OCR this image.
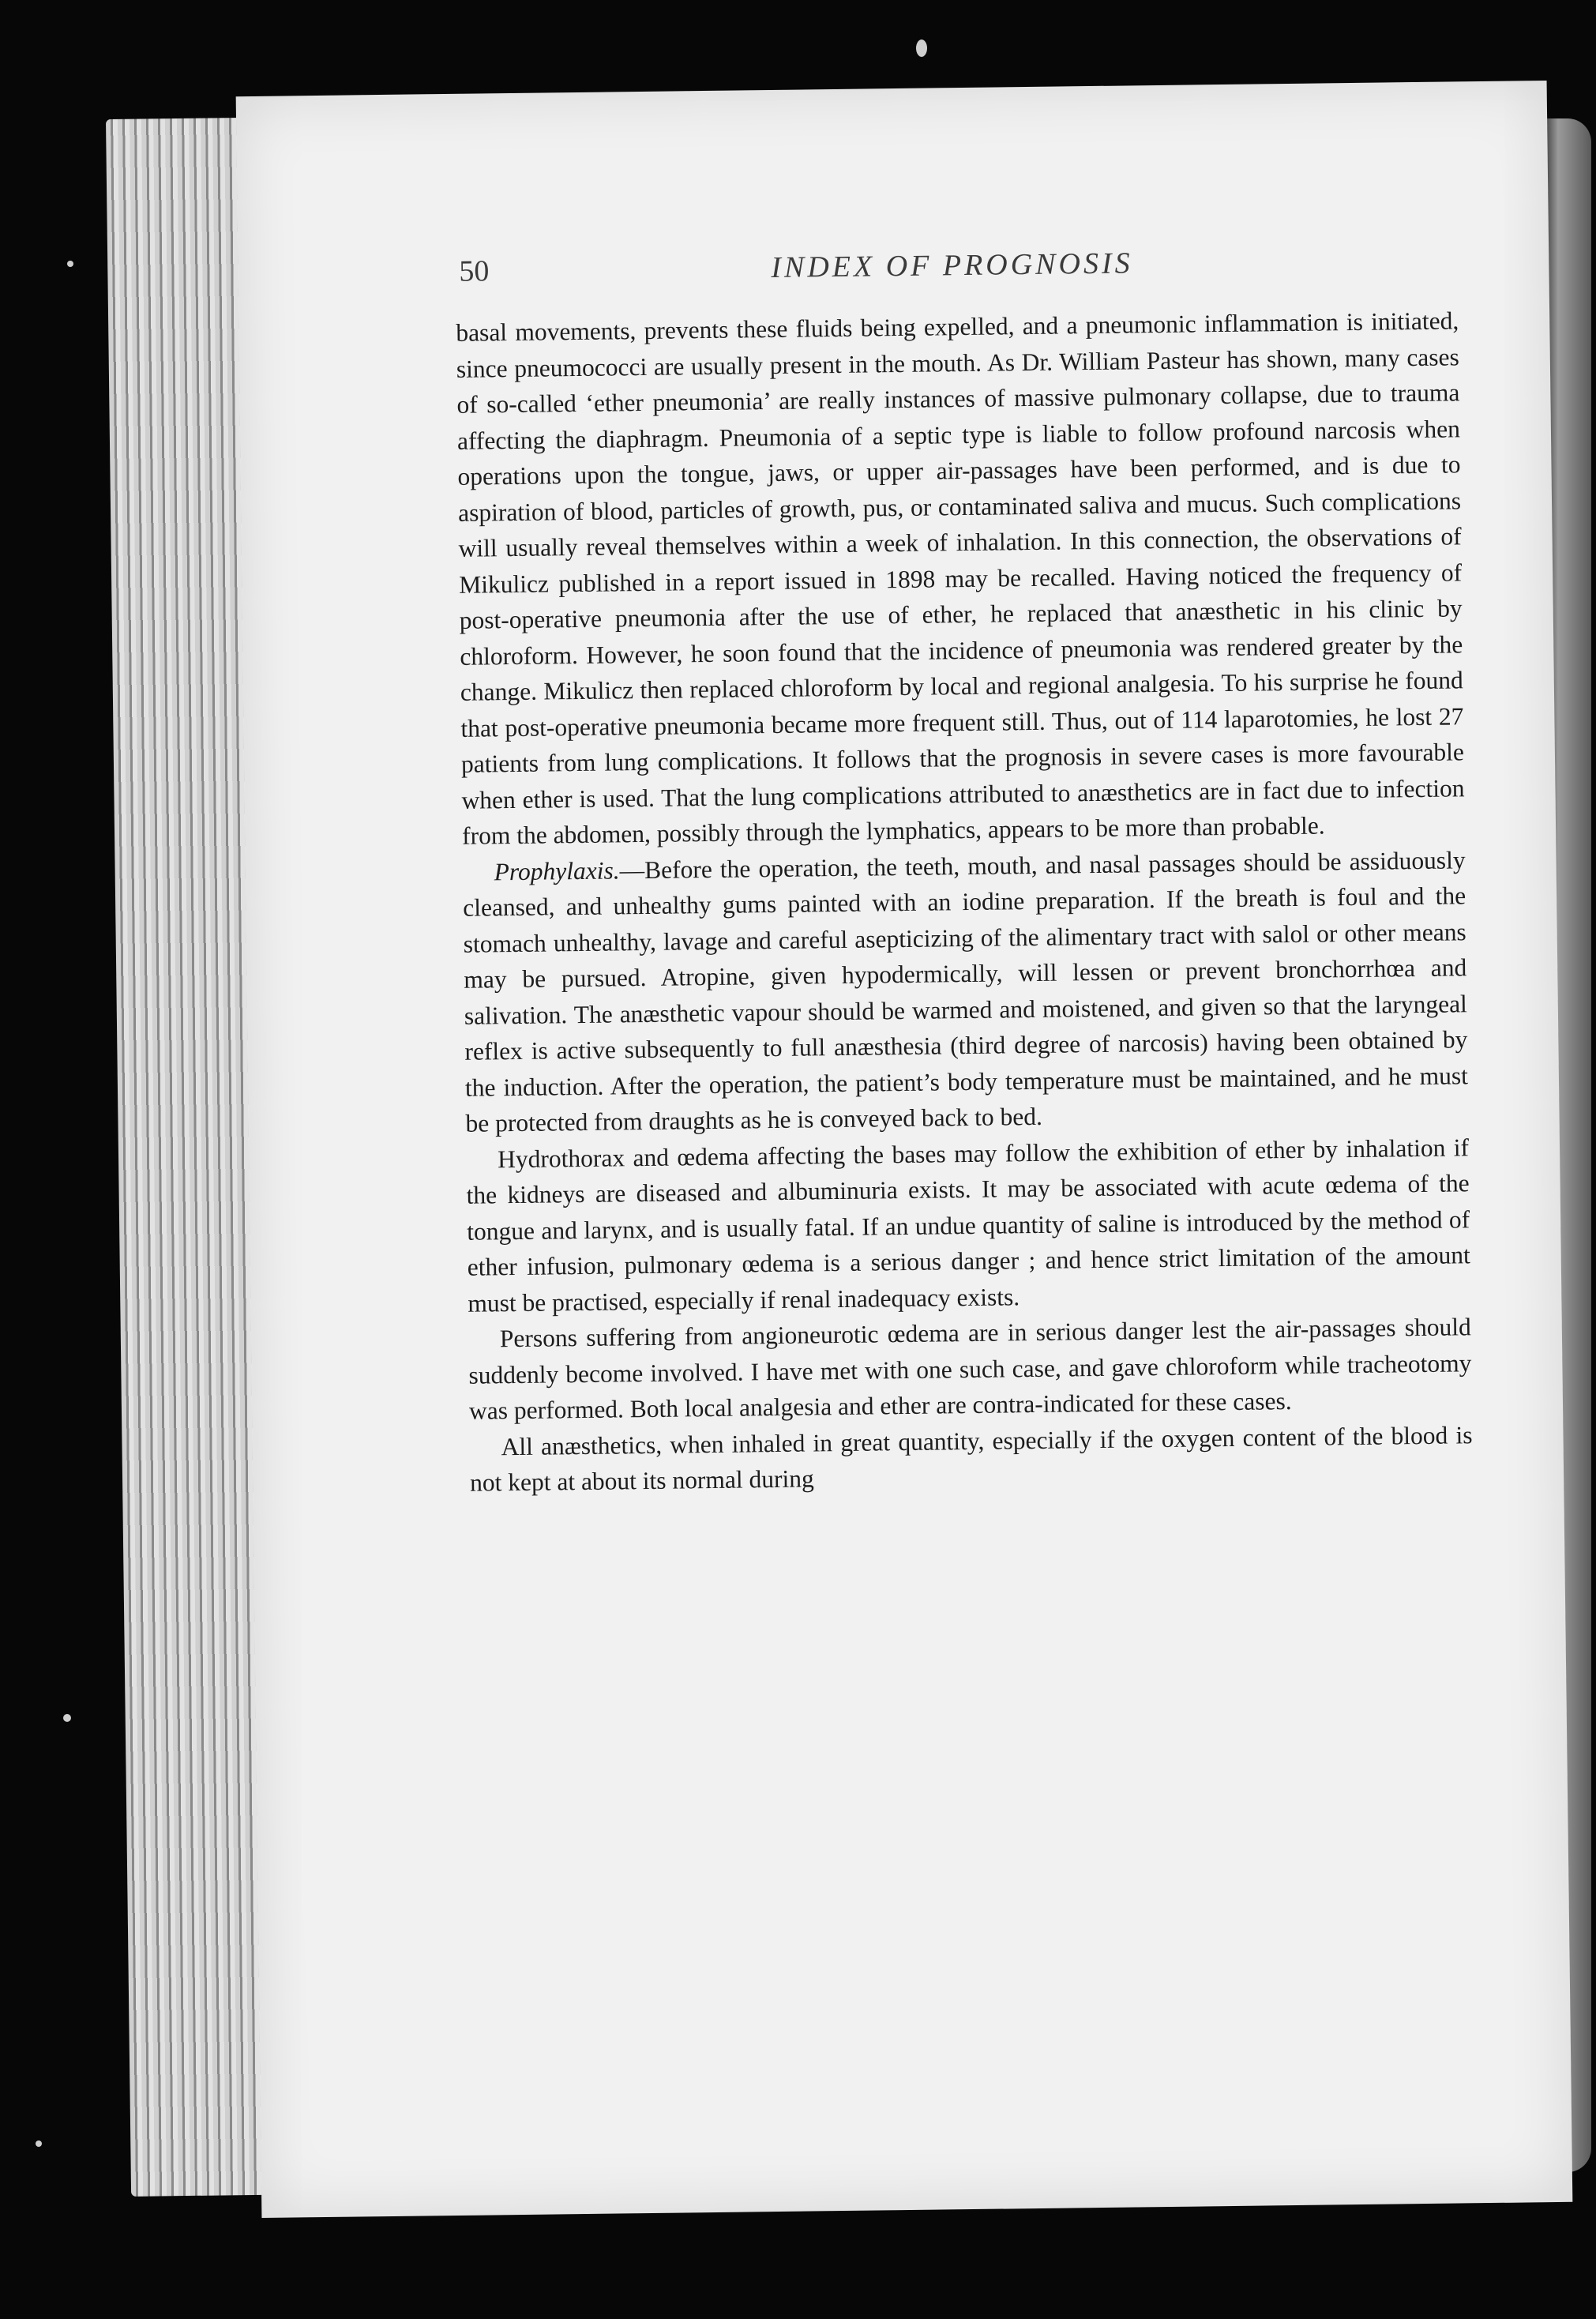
50	INDEX OF PROGNOSIS

basal movements, prevents these fluids being expelled, and a pneumonic inflammation is initiated, since pneumococci are usually present in the mouth. As Dr. William Pasteur has shown, many cases of so-called ‘ether pneumonia’ are really instances of massive pulmonary collapse, due to trauma affecting the diaphragm. Pneumonia of a septic type is liable to follow profound narcosis when operations upon the tongue, jaws, or upper air-passages have been performed, and is due to aspiration of blood, particles of growth, pus, or contaminated saliva and mucus. Such complications will usually reveal themselves within a week of inhalation. In this connection, the observations of Mikulicz published in a report issued in 1898 may be recalled. Having noticed the frequency of post-operative pneumonia after the use of ether, he replaced that anæsthetic in his clinic by chloroform. However, he soon found that the incidence of pneumonia was rendered greater by the change. Mikulicz then replaced chloroform by local and regional analgesia. To his surprise he found that post-operative pneumonia became more frequent still. Thus, out of 114 laparotomies, he lost 27 patients from lung complications. It follows that the prognosis in severe cases is more favourable when ether is used. That the lung complications attributed to anæsthetics are in fact due to infection from the abdomen, possibly through the lymphatics, appears to be more than probable.

Prophylaxis.—Before the operation, the teeth, mouth, and nasal passages should be assiduously cleansed, and unhealthy gums painted with an iodine preparation. If the breath is foul and the stomach unhealthy, lavage and careful asepticizing of the alimentary tract with salol or other means may be pursued. Atropine, given hypodermically, will lessen or prevent bronchorrhœa and salivation. The anæsthetic vapour should be warmed and moistened, and given so that the laryngeal reflex is active subsequently to full anæsthesia (third degree of narcosis) having been obtained by the induction. After the operation, the patient’s body temperature must be maintained, and he must be protected from draughts as he is conveyed back to bed.

Hydrothorax and œdema affecting the bases may follow the exhibition of ether by inhalation if the kidneys are diseased and albuminuria exists. It may be associated with acute œdema of the tongue and larynx, and is usually fatal. If an undue quantity of saline is introduced by the method of ether infusion, pulmonary œdema is a serious danger ; and hence strict limitation of the amount must be practised, especially if renal inadequacy exists.

Persons suffering from angioneurotic œdema are in serious danger lest the air-passages should suddenly become involved. I have met with one such case, and gave chloroform while tracheotomy was performed. Both local analgesia and ether are contra-indicated for these cases.

All anæsthetics, when inhaled in great quantity, especially if the oxygen content of the blood is not kept at about its normal during
